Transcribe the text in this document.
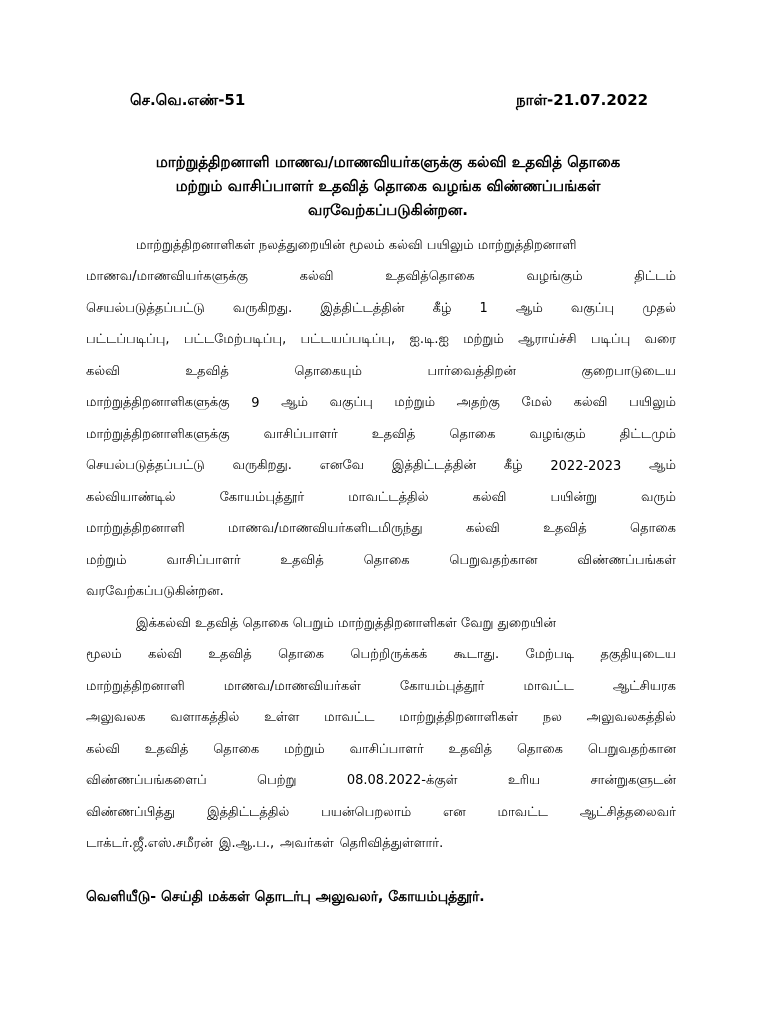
செ.வெ.எண்-51	நாள்-21.07.2022
மாற்றுத்திறனாளி மாணவ/மாணவியர்களுக்கு கல்வி உதவித் தொகை
மற்றும் வாசிப்பாளர் உதவித் தொகை வழங்க விண்ணப்பங்கள்
வரவேற்கப்படுகின்றன.
மாற்றுத்திறனாளிகள் நலத்துறையின் மூலம் கல்வி பயிலும் மாற்றுத்திறனாளி
மாணவ/மாணவியர்களுக்கு	கல்வி	உதவித்தொகை	வழங்கும்	திட்டம்
செயல்படுத்தப்பட்டு வருகிறது. இத்திட்டத்தின் கீழ் 1 ஆம் வகுப்பு முதல்
பட்டப்படிப்பு, பட்டமேற்படிப்பு, பட்டயப்படிப்பு, ஐ.டி.ஐ மற்றும் ஆராய்ச்சி படிப்பு வரை
கல்வி	உதவித்	தொகையும்	பார்வைத்திறன்	குறைபாடுடைய
மாற்றுத்திறனாளிகளுக்கு 9 ஆம் வகுப்பு மற்றும் அதற்கு மேல் கல்வி பயிலும்
மாற்றுத்திறனாளிகளுக்கு	வாசிப்பாளர்	உதவித்	தொகை	வழங்கும்	திட்டமும்
செயல்படுத்தப்பட்டு வருகிறது. எனவே இத்திட்டத்தின் கீழ் 2022-2023 ஆம்
கல்வியாண்டில்	கோயம்புத்தூர்	மாவட்டத்தில்	கல்வி	பயின்று	வரும்
மாற்றுத்திறனாளி	மாணவ/மாணவியர்களிடமிருந்து	கல்வி	உதவித்	தொகை
மற்றும்	வாசிப்பாளர்	உதவித்	தொகை	பெறுவதற்கான	விண்ணப்பங்கள்
வரவேற்கப்படுகின்றன.
இக்கல்வி உதவித் தொகை பெறும் மாற்றுத்திறனாளிகள் வேறு துறையின்
மூலம் கல்வி உதவித் தொகை பெற்றிருக்கக் கூடாது. மேற்படி தகுதியுடைய
மாற்றுத்திறனாளி	மாணவ/மாணவியர்கள்	கோயம்புத்தூர்	மாவட்ட	ஆட்சியரக
அலுவலக வளாகத்தில் உள்ள மாவட்ட மாற்றுத்திறனாளிகள் நல அலுவலகத்தில்
கல்வி உதவித் தொகை மற்றும் வாசிப்பாளர் உதவித் தொகை பெறுவதற்கான
விண்ணப்பங்களைப்	பெற்று	08.08.2022-க்குள்	உரிய	சான்றுகளுடன்
விண்ணப்பித்து இத்திட்டத்தில் பயன்பெறலாம் என மாவட்ட ஆட்சித்தலைவர்
டாக்டர்.ஜீ.எஸ்.சமீரன் இ.ஆ.ப., அவர்கள் தெரிவித்துள்ளார்.
வெளியீடு- செய்தி மக்கள் தொடர்பு அலுவலர், கோயம்புத்தூர்.
